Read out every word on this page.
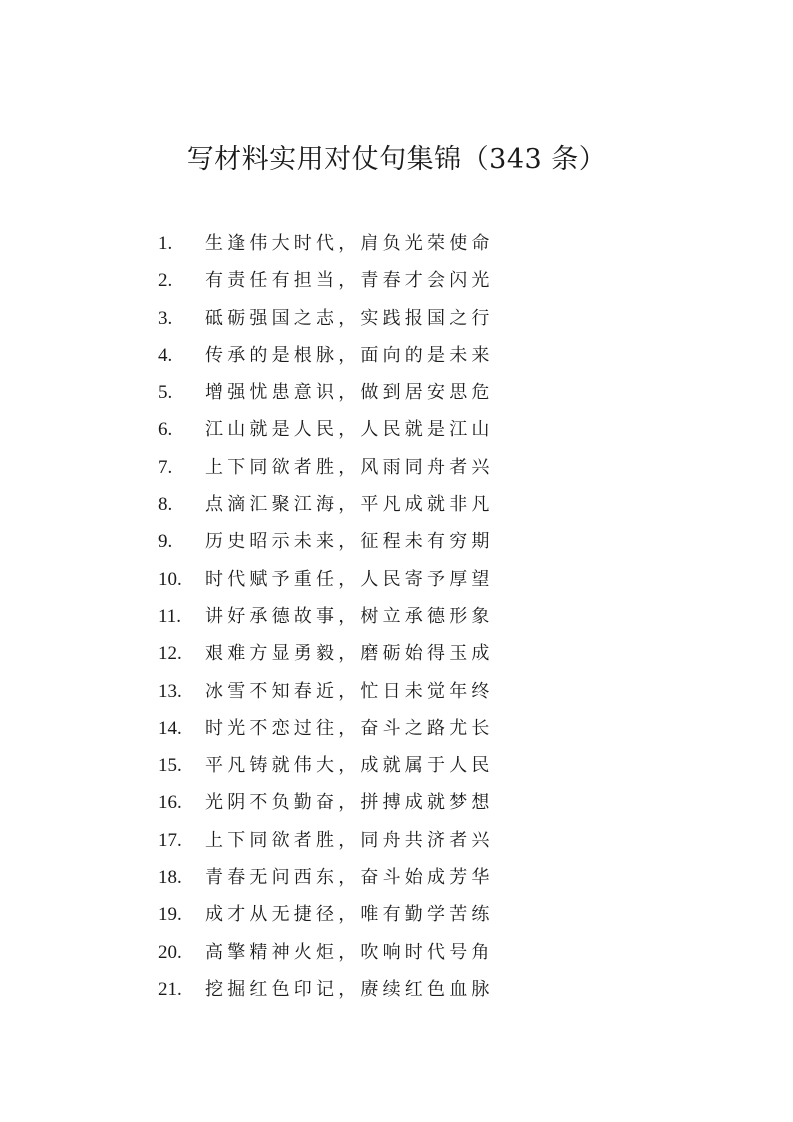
写材料实用对仗句集锦（343 条）
1.	生逢伟大时代，肩负光荣使命
2.	有责任有担当，青春才会闪光
3.	砥砺强国之志，实践报国之行
4.	传承的是根脉，面向的是未来
5.	增强忧患意识，做到居安思危
6.	江山就是人民，人民就是江山
7.	上下同欲者胜，风雨同舟者兴
8.	点滴汇聚江海，平凡成就非凡
9.	历史昭示未来，征程未有穷期
10.	时代赋予重任，人民寄予厚望
11.	讲好承德故事，树立承德形象
12.	艰难方显勇毅，磨砺始得玉成
13.	冰雪不知春近，忙日未觉年终
14.	时光不恋过往，奋斗之路尤长
15.	平凡铸就伟大，成就属于人民
16.	光阴不负勤奋，拼搏成就梦想
17.	上下同欲者胜，同舟共济者兴
18.	青春无问西东，奋斗始成芳华
19.	成才从无捷径，唯有勤学苦练
20.	高擎精神火炬，吹响时代号角
21.	挖掘红色印记，赓续红色血脉
